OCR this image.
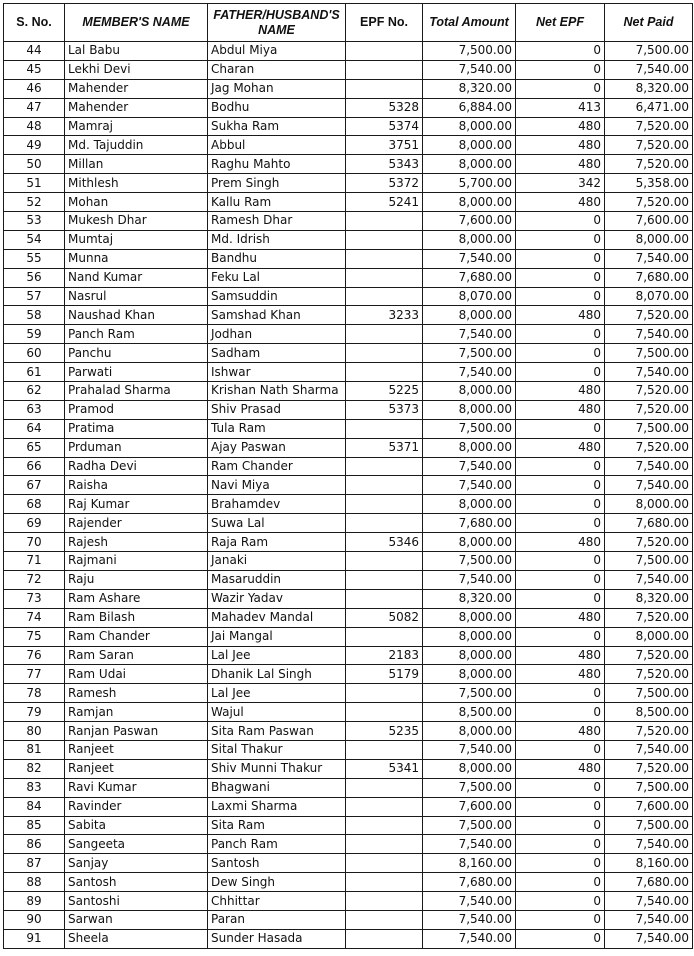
S. No.	MEMBER'S NAME	FATHER/HUSBAND'S NAME	EPF No.	Total Amount	Net EPF	Net Paid
44	Lal Babu	Abdul Miya		7,500.00	0	7,500.00
45	Lekhi Devi	Charan		7,540.00	0	7,540.00
46	Mahender	Jag Mohan		8,320.00	0	8,320.00
47	Mahender	Bodhu	5328	6,884.00	413	6,471.00
48	Mamraj	Sukha Ram	5374	8,000.00	480	7,520.00
49	Md. Tajuddin	Abbul	3751	8,000.00	480	7,520.00
50	Millan	Raghu Mahto	5343	8,000.00	480	7,520.00
51	Mithlesh	Prem Singh	5372	5,700.00	342	5,358.00
52	Mohan	Kallu Ram	5241	8,000.00	480	7,520.00
53	Mukesh Dhar	Ramesh Dhar		7,600.00	0	7,600.00
54	Mumtaj	Md. Idrish		8,000.00	0	8,000.00
55	Munna	Bandhu		7,540.00	0	7,540.00
56	Nand Kumar	Feku Lal		7,680.00	0	7,680.00
57	Nasrul	Samsuddin		8,070.00	0	8,070.00
58	Naushad Khan	Samshad Khan	3233	8,000.00	480	7,520.00
59	Panch Ram	Jodhan		7,540.00	0	7,540.00
60	Panchu	Sadham		7,500.00	0	7,500.00
61	Parwati	Ishwar		7,540.00	0	7,540.00
62	Prahalad Sharma	Krishan Nath Sharma	5225	8,000.00	480	7,520.00
63	Pramod	Shiv Prasad	5373	8,000.00	480	7,520.00
64	Pratima	Tula Ram		7,500.00	0	7,500.00
65	Prduman	Ajay Paswan	5371	8,000.00	480	7,520.00
66	Radha Devi	Ram Chander		7,540.00	0	7,540.00
67	Raisha	Navi Miya		7,540.00	0	7,540.00
68	Raj Kumar	Brahamdev		8,000.00	0	8,000.00
69	Rajender	Suwa Lal		7,680.00	0	7,680.00
70	Rajesh	Raja Ram	5346	8,000.00	480	7,520.00
71	Rajmani	Janaki		7,500.00	0	7,500.00
72	Raju	Masaruddin		7,540.00	0	7,540.00
73	Ram Ashare	Wazir Yadav		8,320.00	0	8,320.00
74	Ram Bilash	Mahadev Mandal	5082	8,000.00	480	7,520.00
75	Ram Chander	Jai Mangal		8,000.00	0	8,000.00
76	Ram Saran	Lal Jee	2183	8,000.00	480	7,520.00
77	Ram Udai	Dhanik Lal Singh	5179	8,000.00	480	7,520.00
78	Ramesh	Lal Jee		7,500.00	0	7,500.00
79	Ramjan	Wajul		8,500.00	0	8,500.00
80	Ranjan Paswan	Sita Ram Paswan	5235	8,000.00	480	7,520.00
81	Ranjeet	Sital Thakur		7,540.00	0	7,540.00
82	Ranjeet	Shiv Munni Thakur	5341	8,000.00	480	7,520.00
83	Ravi Kumar	Bhagwani		7,500.00	0	7,500.00
84	Ravinder	Laxmi Sharma		7,600.00	0	7,600.00
85	Sabita	Sita Ram		7,500.00	0	7,500.00
86	Sangeeta	Panch Ram		7,540.00	0	7,540.00
87	Sanjay	Santosh		8,160.00	0	8,160.00
88	Santosh	Dew Singh		7,680.00	0	7,680.00
89	Santoshi	Chhittar		7,540.00	0	7,540.00
90	Sarwan	Paran		7,540.00	0	7,540.00
91	Sheela	Sunder Hasada		7,540.00	0	7,540.00
